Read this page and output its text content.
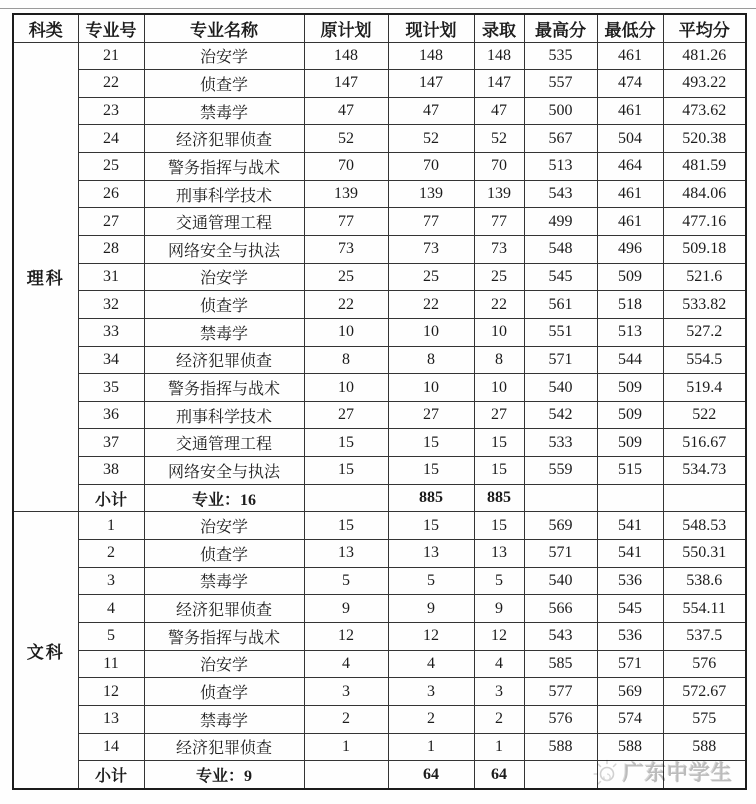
科类	专业号	专业名称	原计划	现计划	录取	最高分	最低分	平均分
理科	21	治安学	148	148	148	535	461	481.26
	22	侦查学	147	147	147	557	474	493.22
	23	禁毒学	47	47	47	500	461	473.62
	24	经济犯罪侦查	52	52	52	567	504	520.38
	25	警务指挥与战术	70	70	70	513	464	481.59
	26	刑事科学技术	139	139	139	543	461	484.06
	27	交通管理工程	77	77	77	499	461	477.16
	28	网络安全与执法	73	73	73	548	496	509.18
	31	治安学	25	25	25	545	509	521.6
	32	侦查学	22	22	22	561	518	533.82
	33	禁毒学	10	10	10	551	513	527.2
	34	经济犯罪侦查	8	8	8	571	544	554.5
	35	警务指挥与战术	10	10	10	540	509	519.4
	36	刑事科学技术	27	27	27	542	509	522
	37	交通管理工程	15	15	15	533	509	516.67
	38	网络安全与执法	15	15	15	559	515	534.73
	小计	专业：16		885	885			
文科	1	治安学	15	15	15	569	541	548.53
	2	侦查学	13	13	13	571	541	550.31
	3	禁毒学	5	5	5	540	536	538.6
	4	经济犯罪侦查	9	9	9	566	545	554.11
	5	警务指挥与战术	12	12	12	543	536	537.5
	11	治安学	4	4	4	585	571	576
	12	侦查学	3	3	3	577	569	572.67
	13	禁毒学	2	2	2	576	574	575
	14	经济犯罪侦查	1	1	1	588	588	588
	小计	专业：9		64	64				广东中学生
